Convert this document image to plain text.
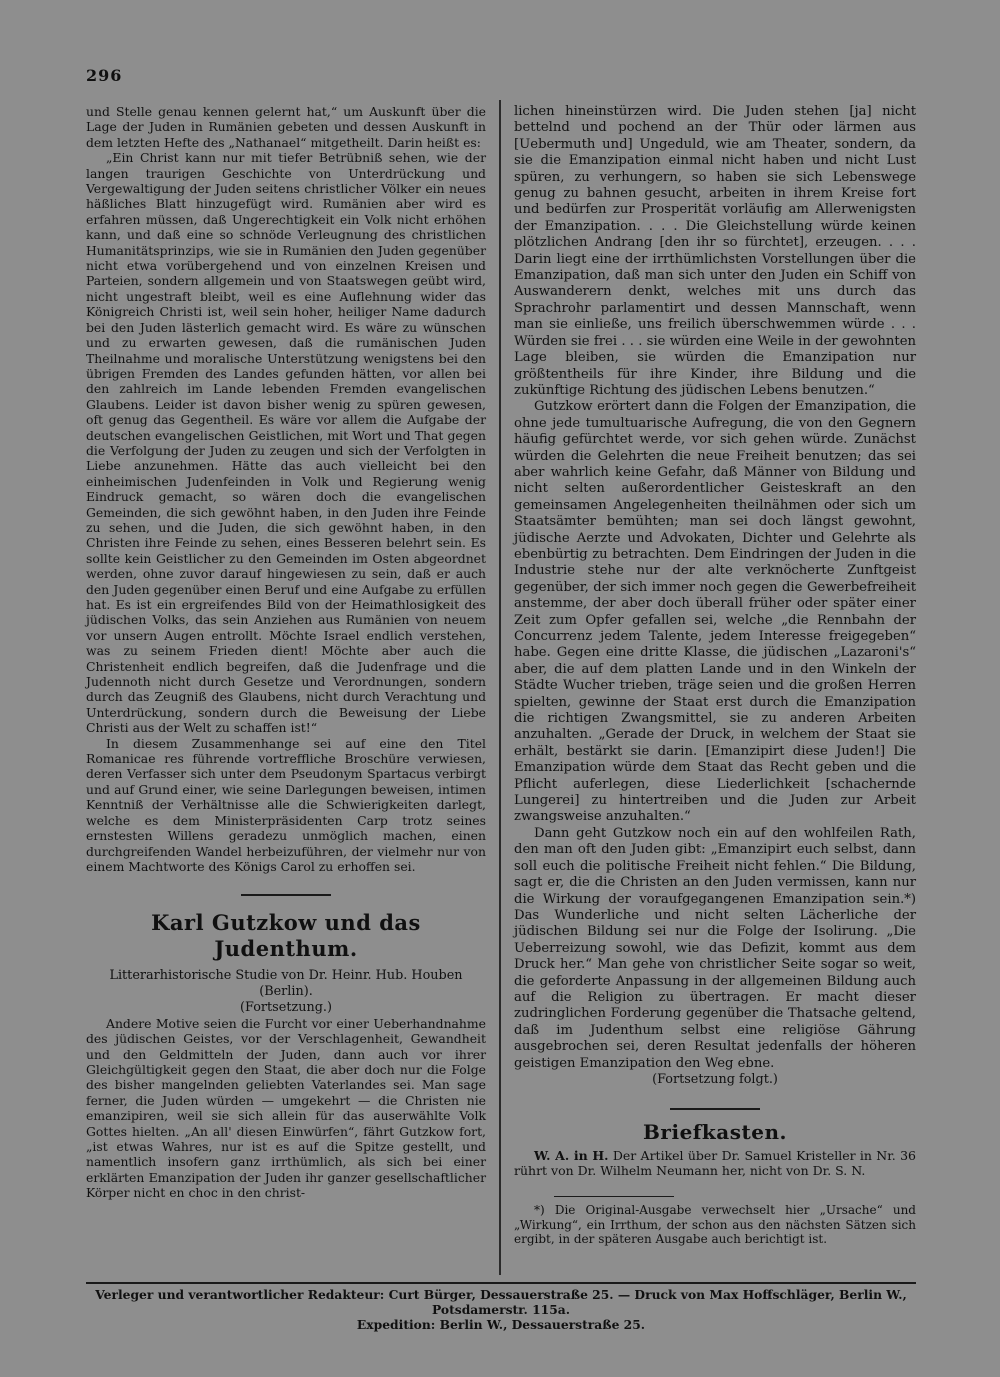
296

und Stelle genau kennen gelernt hat,“ um Auskunft über die Lage der Juden in Rumänien gebeten und dessen Auskunft in dem letzten Hefte des „Nathanael“ mitgetheilt. Darin heißt es:

„Ein Christ kann nur mit tiefer Betrübniß sehen, wie der langen traurigen Geschichte von Unterdrückung und Vergewaltigung der Juden seitens christlicher Völker ein neues häßliches Blatt hinzugefügt wird. Rumänien aber wird es erfahren müssen, daß Ungerechtigkeit ein Volk nicht erhöhen kann, und daß eine so schnöde Verleugnung des christlichen Humanitätsprinzips, wie sie in Rumänien den Juden gegenüber nicht etwa vorübergehend und von einzelnen Kreisen und Parteien, sondern allgemein und von Staatswegen geübt wird, nicht ungestraft bleibt, weil es eine Auflehnung wider das Königreich Christi ist, weil sein hoher, heiliger Name dadurch bei den Juden lästerlich gemacht wird. Es wäre zu wünschen und zu erwarten gewesen, daß die rumänischen Juden Theilnahme und moralische Unterstützung wenigstens bei den übrigen Fremden des Landes gefunden hätten, vor allen bei den zahlreich im Lande lebenden Fremden evangelischen Glaubens. Leider ist davon bisher wenig zu spüren gewesen, oft genug das Gegentheil. Es wäre vor allem die Aufgabe der deutschen evangelischen Geistlichen, mit Wort und That gegen die Verfolgung der Juden zu zeugen und sich der Verfolgten in Liebe anzunehmen. Hätte das auch vielleicht bei den einheimischen Judenfeinden in Volk und Regierung wenig Eindruck gemacht, so wären doch die evangelischen Gemeinden, die sich gewöhnt haben, in den Juden ihre Feinde zu sehen, und die Juden, die sich gewöhnt haben, in den Christen ihre Feinde zu sehen, eines Besseren belehrt sein. Es sollte kein Geistlicher zu den Gemeinden im Osten abgeordnet werden, ohne zuvor darauf hingewiesen zu sein, daß er auch den Juden gegenüber einen Beruf und eine Aufgabe zu erfüllen hat. Es ist ein ergreifendes Bild von der Heimathlosigkeit des jüdischen Volks, das sein Anziehen aus Rumänien von neuem vor unsern Augen entrollt. Möchte Israel endlich verstehen, was zu seinem Frieden dient! Möchte aber auch die Christenheit endlich begreifen, daß die Judenfrage und die Judennoth nicht durch Gesetze und Verordnungen, sondern durch das Zeugniß des Glaubens, nicht durch Verachtung und Unterdrückung, sondern durch die Beweisung der Liebe Christi aus der Welt zu schaffen ist!“

In diesem Zusammenhange sei auf eine den Titel Romanicae res führende vortreffliche Broschüre verwiesen, deren Verfasser sich unter dem Pseudonym Spartacus verbirgt und auf Grund einer, wie seine Darlegungen beweisen, intimen Kenntniß der Verhältnisse alle die Schwierigkeiten darlegt, welche es dem Ministerpräsidenten Carp trotz seines ernstesten Willens geradezu unmöglich machen, einen durchgreifenden Wandel herbeizuführen, der vielmehr nur von einem Machtworte des Königs Carol zu erhoffen sei.

Karl Gutzkow und das Judenthum.

Litterarhistorische Studie von Dr. Heinr. Hub. Houben (Berlin).

(Fortsetzung.)

Andere Motive seien die Furcht vor einer Ueberhandnahme des jüdischen Geistes, vor der Verschlagenheit, Gewandheit und den Geldmitteln der Juden, dann auch vor ihrer Gleichgültigkeit gegen den Staat, die aber doch nur die Folge des bisher mangelnden geliebten Vaterlandes sei. Man sage ferner, die Juden würden — umgekehrt — die Christen nie emanzipiren, weil sie sich allein für das auserwählte Volk Gottes hielten. „An all' diesen Einwürfen“, fährt Gutzkow fort, „ist etwas Wahres, nur ist es auf die Spitze gestellt, und namentlich insofern ganz irrthümlich, als sich bei einer erklärten Emanzipation der Juden ihr ganzer gesellschaftlicher Körper nicht en choc in den christ-

lichen hineinstürzen wird. Die Juden stehen [ja] nicht bettelnd und pochend an der Thür oder lärmen aus [Uebermuth und] Ungeduld, wie am Theater, sondern, da sie die Emanzipation einmal nicht haben und nicht Lust spüren, zu verhungern, so haben sie sich Lebenswege genug zu bahnen gesucht, arbeiten in ihrem Kreise fort und bedürfen zur Prosperität vorläufig am Allerwenigsten der Emanzipation. . . . Die Gleichstellung würde keinen plötzlichen Andrang [den ihr so fürchtet], erzeugen. . . . Darin liegt eine der irrthümlichsten Vorstellungen über die Emanzipation, daß man sich unter den Juden ein Schiff von Auswanderern denkt, welches mit uns durch das Sprachrohr parlamentirt und dessen Mannschaft, wenn man sie einließe, uns freilich überschwemmen würde . . . Würden sie frei . . . sie würden eine Weile in der gewohnten Lage bleiben, sie würden die Emanzipation nur größtentheils für ihre Kinder, ihre Bildung und die zukünftige Richtung des jüdischen Lebens benutzen.“

Gutzkow erörtert dann die Folgen der Emanzipation, die ohne jede tumultuarische Aufregung, die von den Gegnern häufig gefürchtet werde, vor sich gehen würde. Zunächst würden die Gelehrten die neue Freiheit benutzen; das sei aber wahrlich keine Gefahr, daß Männer von Bildung und nicht selten außerordentlicher Geisteskraft an den gemeinsamen Angelegenheiten theilnähmen oder sich um Staatsämter bemühten; man sei doch längst gewohnt, jüdische Aerzte und Advokaten, Dichter und Gelehrte als ebenbürtig zu betrachten. Dem Eindringen der Juden in die Industrie stehe nur der alte verknöcherte Zunftgeist gegenüber, der sich immer noch gegen die Gewerbefreiheit anstemme, der aber doch überall früher oder später einer Zeit zum Opfer gefallen sei, welche „die Rennbahn der Concurrenz jedem Talente, jedem Interesse freigegeben“ habe. Gegen eine dritte Klasse, die jüdischen „Lazaroni's“ aber, die auf dem platten Lande und in den Winkeln der Städte Wucher trieben, träge seien und die großen Herren spielten, gewinne der Staat erst durch die Emanzipation die richtigen Zwangsmittel, sie zu anderen Arbeiten anzuhalten. „Gerade der Druck, in welchem der Staat sie erhält, bestärkt sie darin. [Emanzipirt diese Juden!] Die Emanzipation würde dem Staat das Recht geben und die Pflicht auferlegen, diese Liederlichkeit [schachernde Lungerei] zu hintertreiben und die Juden zur Arbeit zwangsweise anzuhalten.“

Dann geht Gutzkow noch ein auf den wohlfeilen Rath, den man oft den Juden gibt: „Emanzipirt euch selbst, dann soll euch die politische Freiheit nicht fehlen.“ Die Bildung, sagt er, die die Christen an den Juden vermissen, kann nur die Wirkung der voraufgegangenen Emanzipation sein.*) Das Wunderliche und nicht selten Lächerliche der jüdischen Bildung sei nur die Folge der Isolirung. „Die Ueberreizung sowohl, wie das Defizit, kommt aus dem Druck her.“ Man gehe von christlicher Seite sogar so weit, die geforderte Anpassung in der allgemeinen Bildung auch auf die Religion zu übertragen. Er macht dieser zudringlichen Forderung gegenüber die Thatsache geltend, daß im Judenthum selbst eine religiöse Gährung ausgebrochen sei, deren Resultat jedenfalls der höheren geistigen Emanzipation den Weg ebne.

(Fortsetzung folgt.)

Briefkasten.

W. A. in H. Der Artikel über Dr. Samuel Kristeller in Nr. 36 rührt von Dr. Wilhelm Neumann her, nicht von Dr. S. N.

*) Die Original-Ausgabe verwechselt hier „Ursache“ und „Wirkung“, ein Irrthum, der schon aus den nächsten Sätzen sich ergibt, in der späteren Ausgabe auch berichtigt ist.

Verleger und verantwortlicher Redakteur: Curt Bürger, Dessauerstraße 25. — Druck von Max Hoffschläger, Berlin W., Potsdamerstr. 115a.
Expedition: Berlin W., Dessauerstraße 25.
